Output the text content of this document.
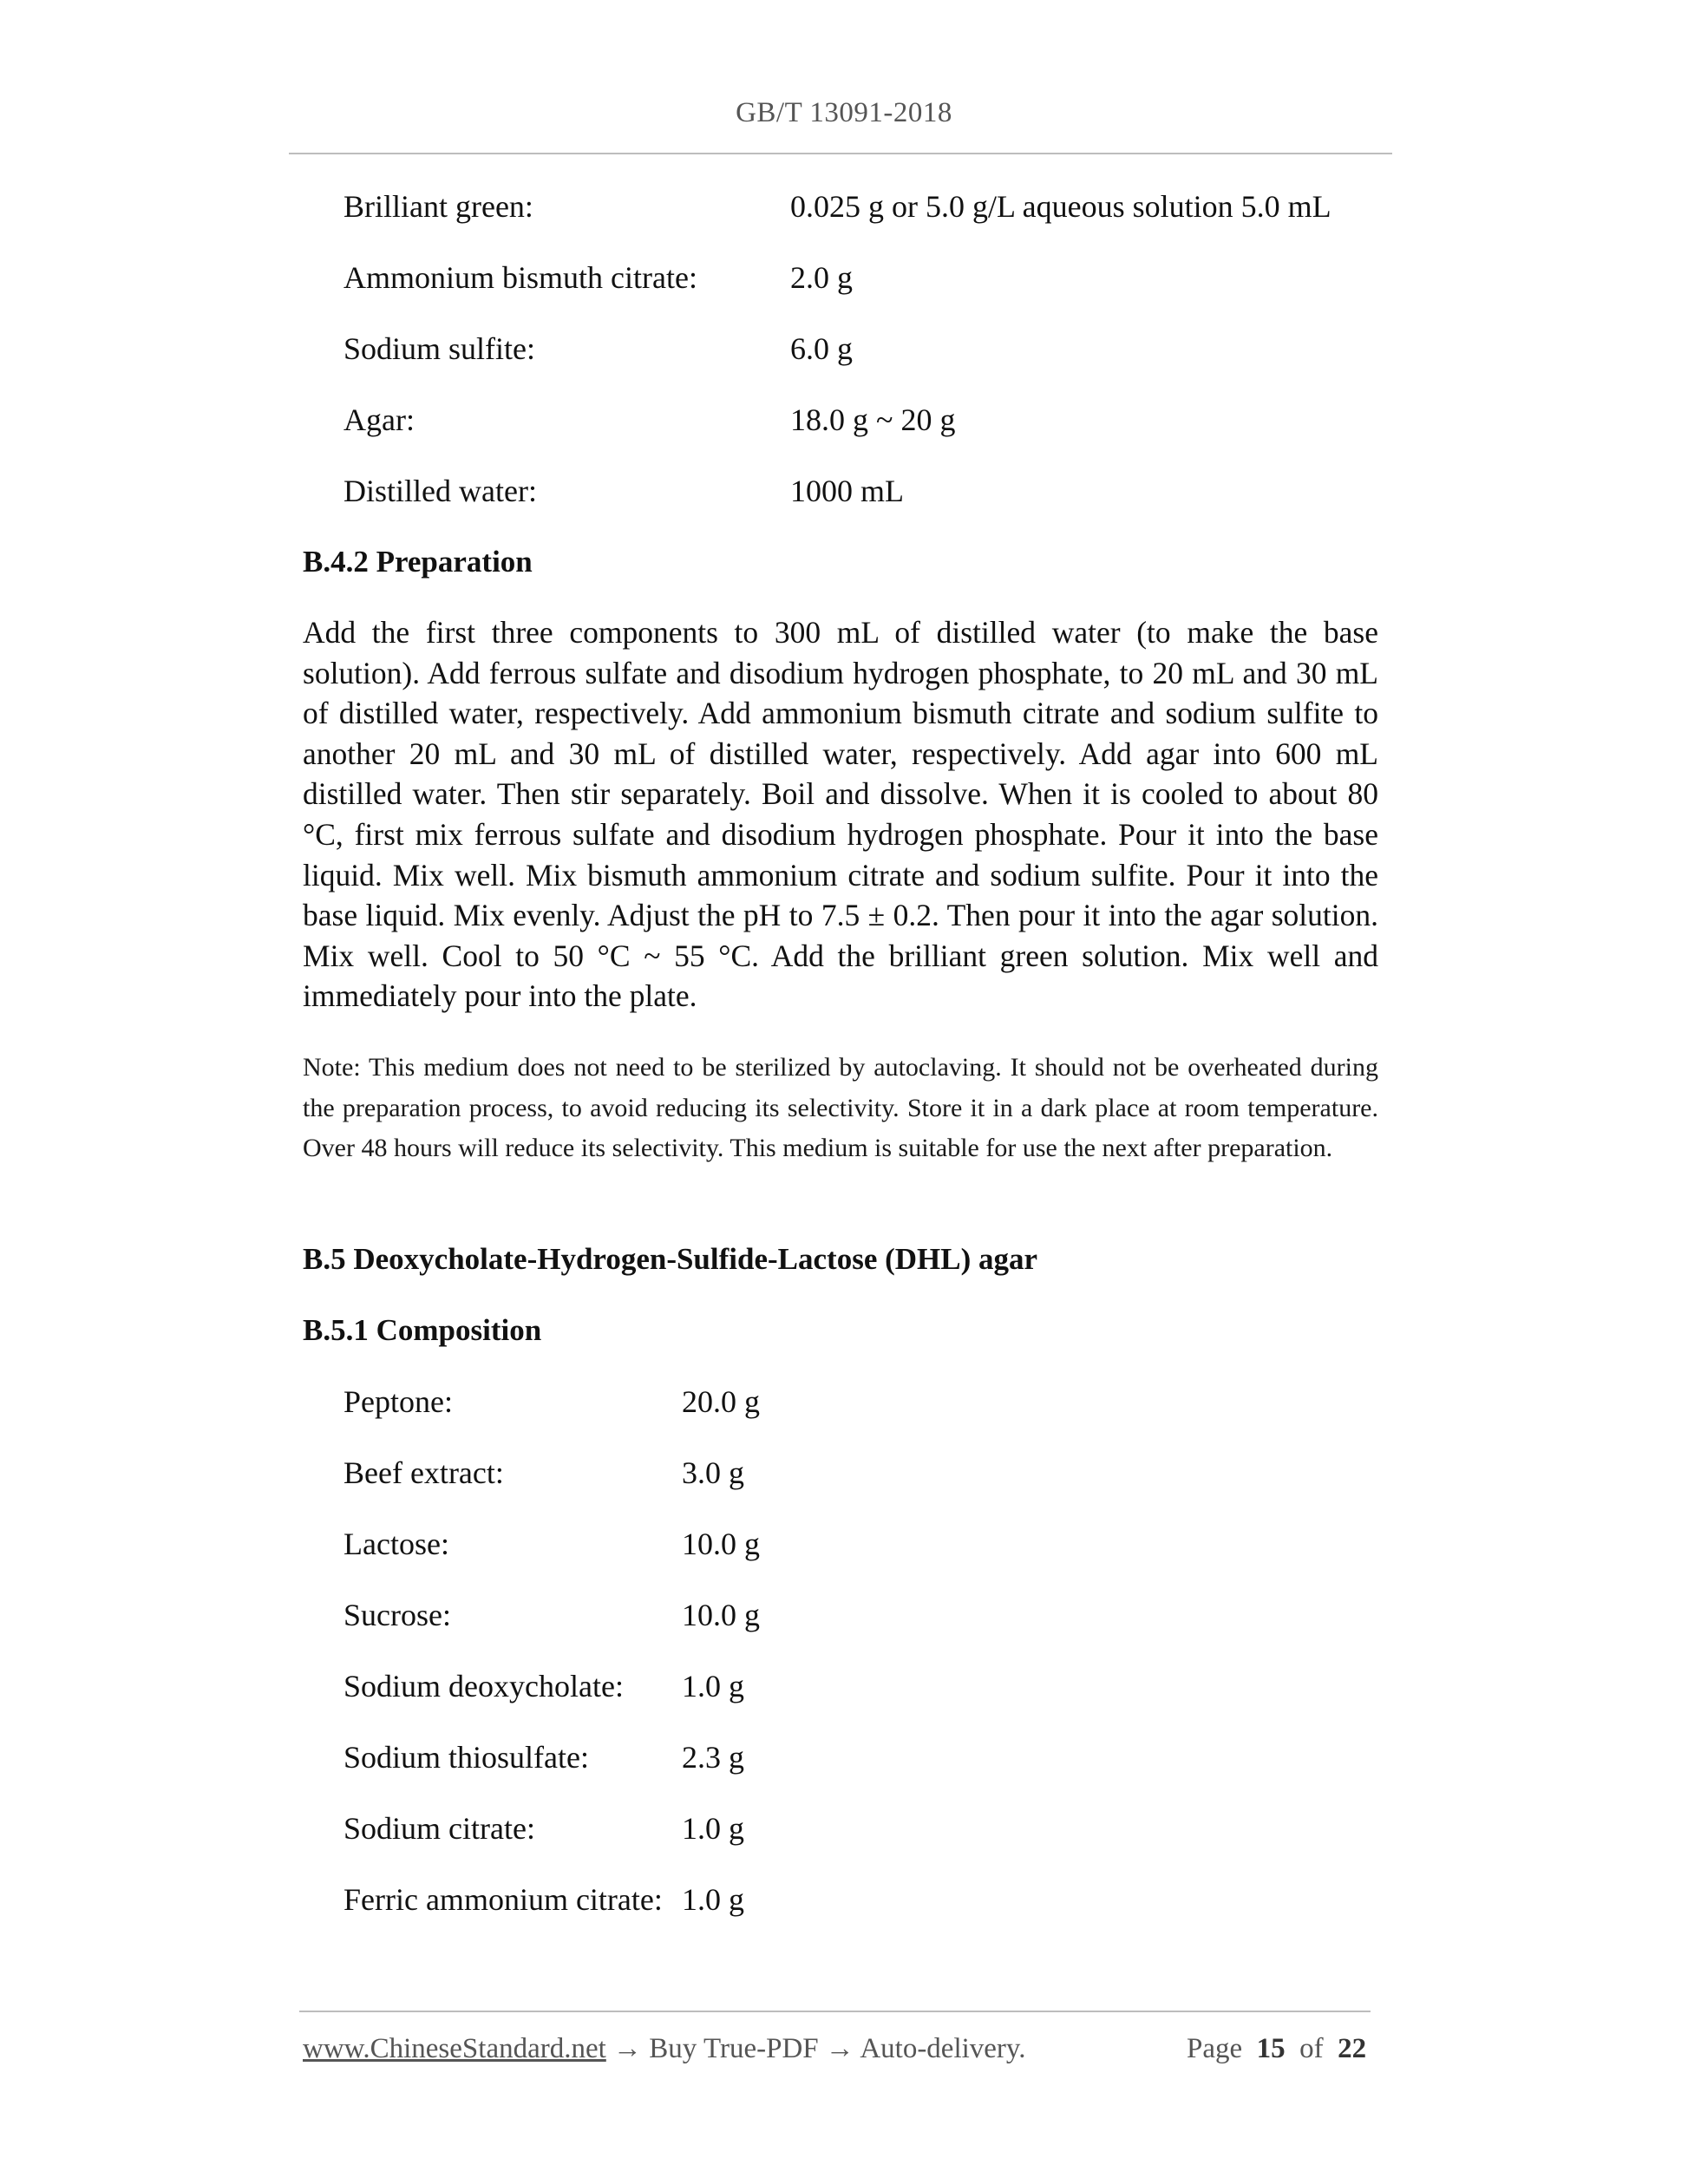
GB/T 13091-2018
Brilliant green:	0.025 g or 5.0 g/L aqueous solution 5.0 mL
Ammonium bismuth citrate:	2.0 g
Sodium sulfite:	6.0 g
Agar:	18.0 g ~ 20 g
Distilled water:	1000 mL
B.4.2 Preparation

Add the first three components to 300 mL of distilled water (to make the base solution). Add ferrous sulfate and disodium hydrogen phosphate, to 20 mL and 30 mL of distilled water, respectively. Add ammonium bismuth citrate and sodium sulfite to another 20 mL and 30 mL of distilled water, respectively. Add agar into 600 mL distilled water. Then stir separately. Boil and dissolve. When it is cooled to about 80 °C, first mix ferrous sulfate and disodium hydrogen phosphate. Pour it into the base liquid. Mix well. Mix bismuth ammonium citrate and sodium sulfite. Pour it into the base liquid. Mix evenly. Adjust the pH to 7.5 ± 0.2. Then pour it into the agar solution. Mix well. Cool to 50 °C ~ 55 °C. Add the brilliant green solution. Mix well and immediately pour into the plate.

Note: This medium does not need to be sterilized by autoclaving. It should not be overheated during the preparation process, to avoid reducing its selectivity. Store it in a dark place at room temperature. Over 48 hours will reduce its selectivity. This medium is suitable for use the next after preparation.

B.5 Deoxycholate-Hydrogen-Sulfide-Lactose (DHL) agar
B.5.1 Composition
Peptone:	20.0 g
Beef extract:	3.0 g
Lactose:	10.0 g
Sucrose:	10.0 g
Sodium deoxycholate: 1.0 g
Sodium thiosulfate:	2.3 g
Sodium citrate:	1.0 g
Ferric ammonium citrate: 1.0 g
www.ChineseStandard.net → Buy True-PDF → Auto-delivery.	Page 15 of 22
